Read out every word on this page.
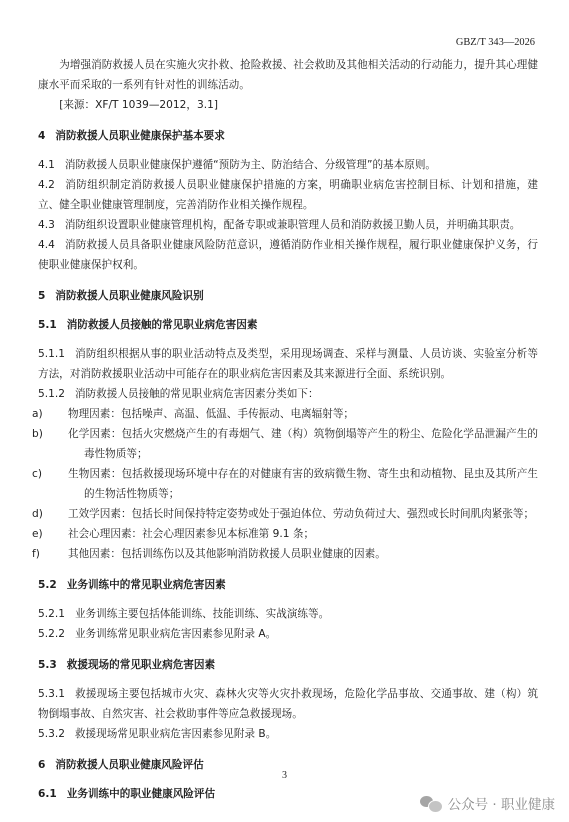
GBZ/T 343—2026

为增强消防救援人员在实施火灾扑救、抢险救援、社会救助及其他相关活动的行动能力，提升其心理健康水平而采取的一系列有针对性的训练活动。

[来源：XF/T 1039—2012，3.1]

4 消防救援人员职业健康保护基本要求

4.1 消防救援人员职业健康保护遵循“预防为主、防治结合、分级管理”的基本原则。

4.2 消防组织制定消防救援人员职业健康保护措施的方案，明确职业病危害控制目标、计划和措施，建立、健全职业健康管理制度，完善消防作业相关操作规程。

4.3 消防组织设置职业健康管理机构，配备专职或兼职管理人员和消防救援卫勤人员，并明确其职责。

4.4 消防救援人员具备职业健康风险防范意识，遵循消防作业相关操作规程，履行职业健康保护义务，行使职业健康保护权利。

5 消防救援人员职业健康风险识别

5.1 消防救援人员接触的常见职业病危害因素

5.1.1 消防组织根据从事的职业活动特点及类型，采用现场调查、采样与测量、人员访谈、实验室分析等方法，对消防救援职业活动中可能存在的职业病危害因素及其来源进行全面、系统识别。

5.1.2 消防救援人员接触的常见职业病危害因素分类如下：

a) 物理因素：包括噪声、高温、低温、手传振动、电离辐射等；

b) 化学因素：包括火灾燃烧产生的有毒烟气、建（构）筑物倒塌等产生的粉尘、危险化学品泄漏产生的毒性物质等；

c) 生物因素：包括救援现场环境中存在的对健康有害的致病微生物、寄生虫和动植物、昆虫及其所产生的生物活性物质等；

d) 工效学因素：包括长时间保持特定姿势或处于强迫体位、劳动负荷过大、强烈或长时间肌肉紧张等；

e) 社会心理因素：社会心理因素参见本标准第 9.1 条；

f)	其他因素：包括训练伤以及其他影响消防救援人员职业健康的因素。

5.2 业务训练中的常见职业病危害因素

5.2.1 业务训练主要包括体能训练、技能训练、实战演练等。

5.2.2 业务训练常见职业病危害因素参见附录 A。

5.3 救援现场的常见职业病危害因素

5.3.1 救援现场主要包括城市火灾、森林火灾等火灾扑救现场，危险化学品事故、交通事故、建（构）筑物倒塌事故、自然灾害、社会救助事件等应急救援现场。

5.3.2 救援现场常见职业病危害因素参见附录 B。

6 消防救援人员职业健康风险评估

6.1 业务训练中的职业健康风险评估

3
公众号 · 职业健康
